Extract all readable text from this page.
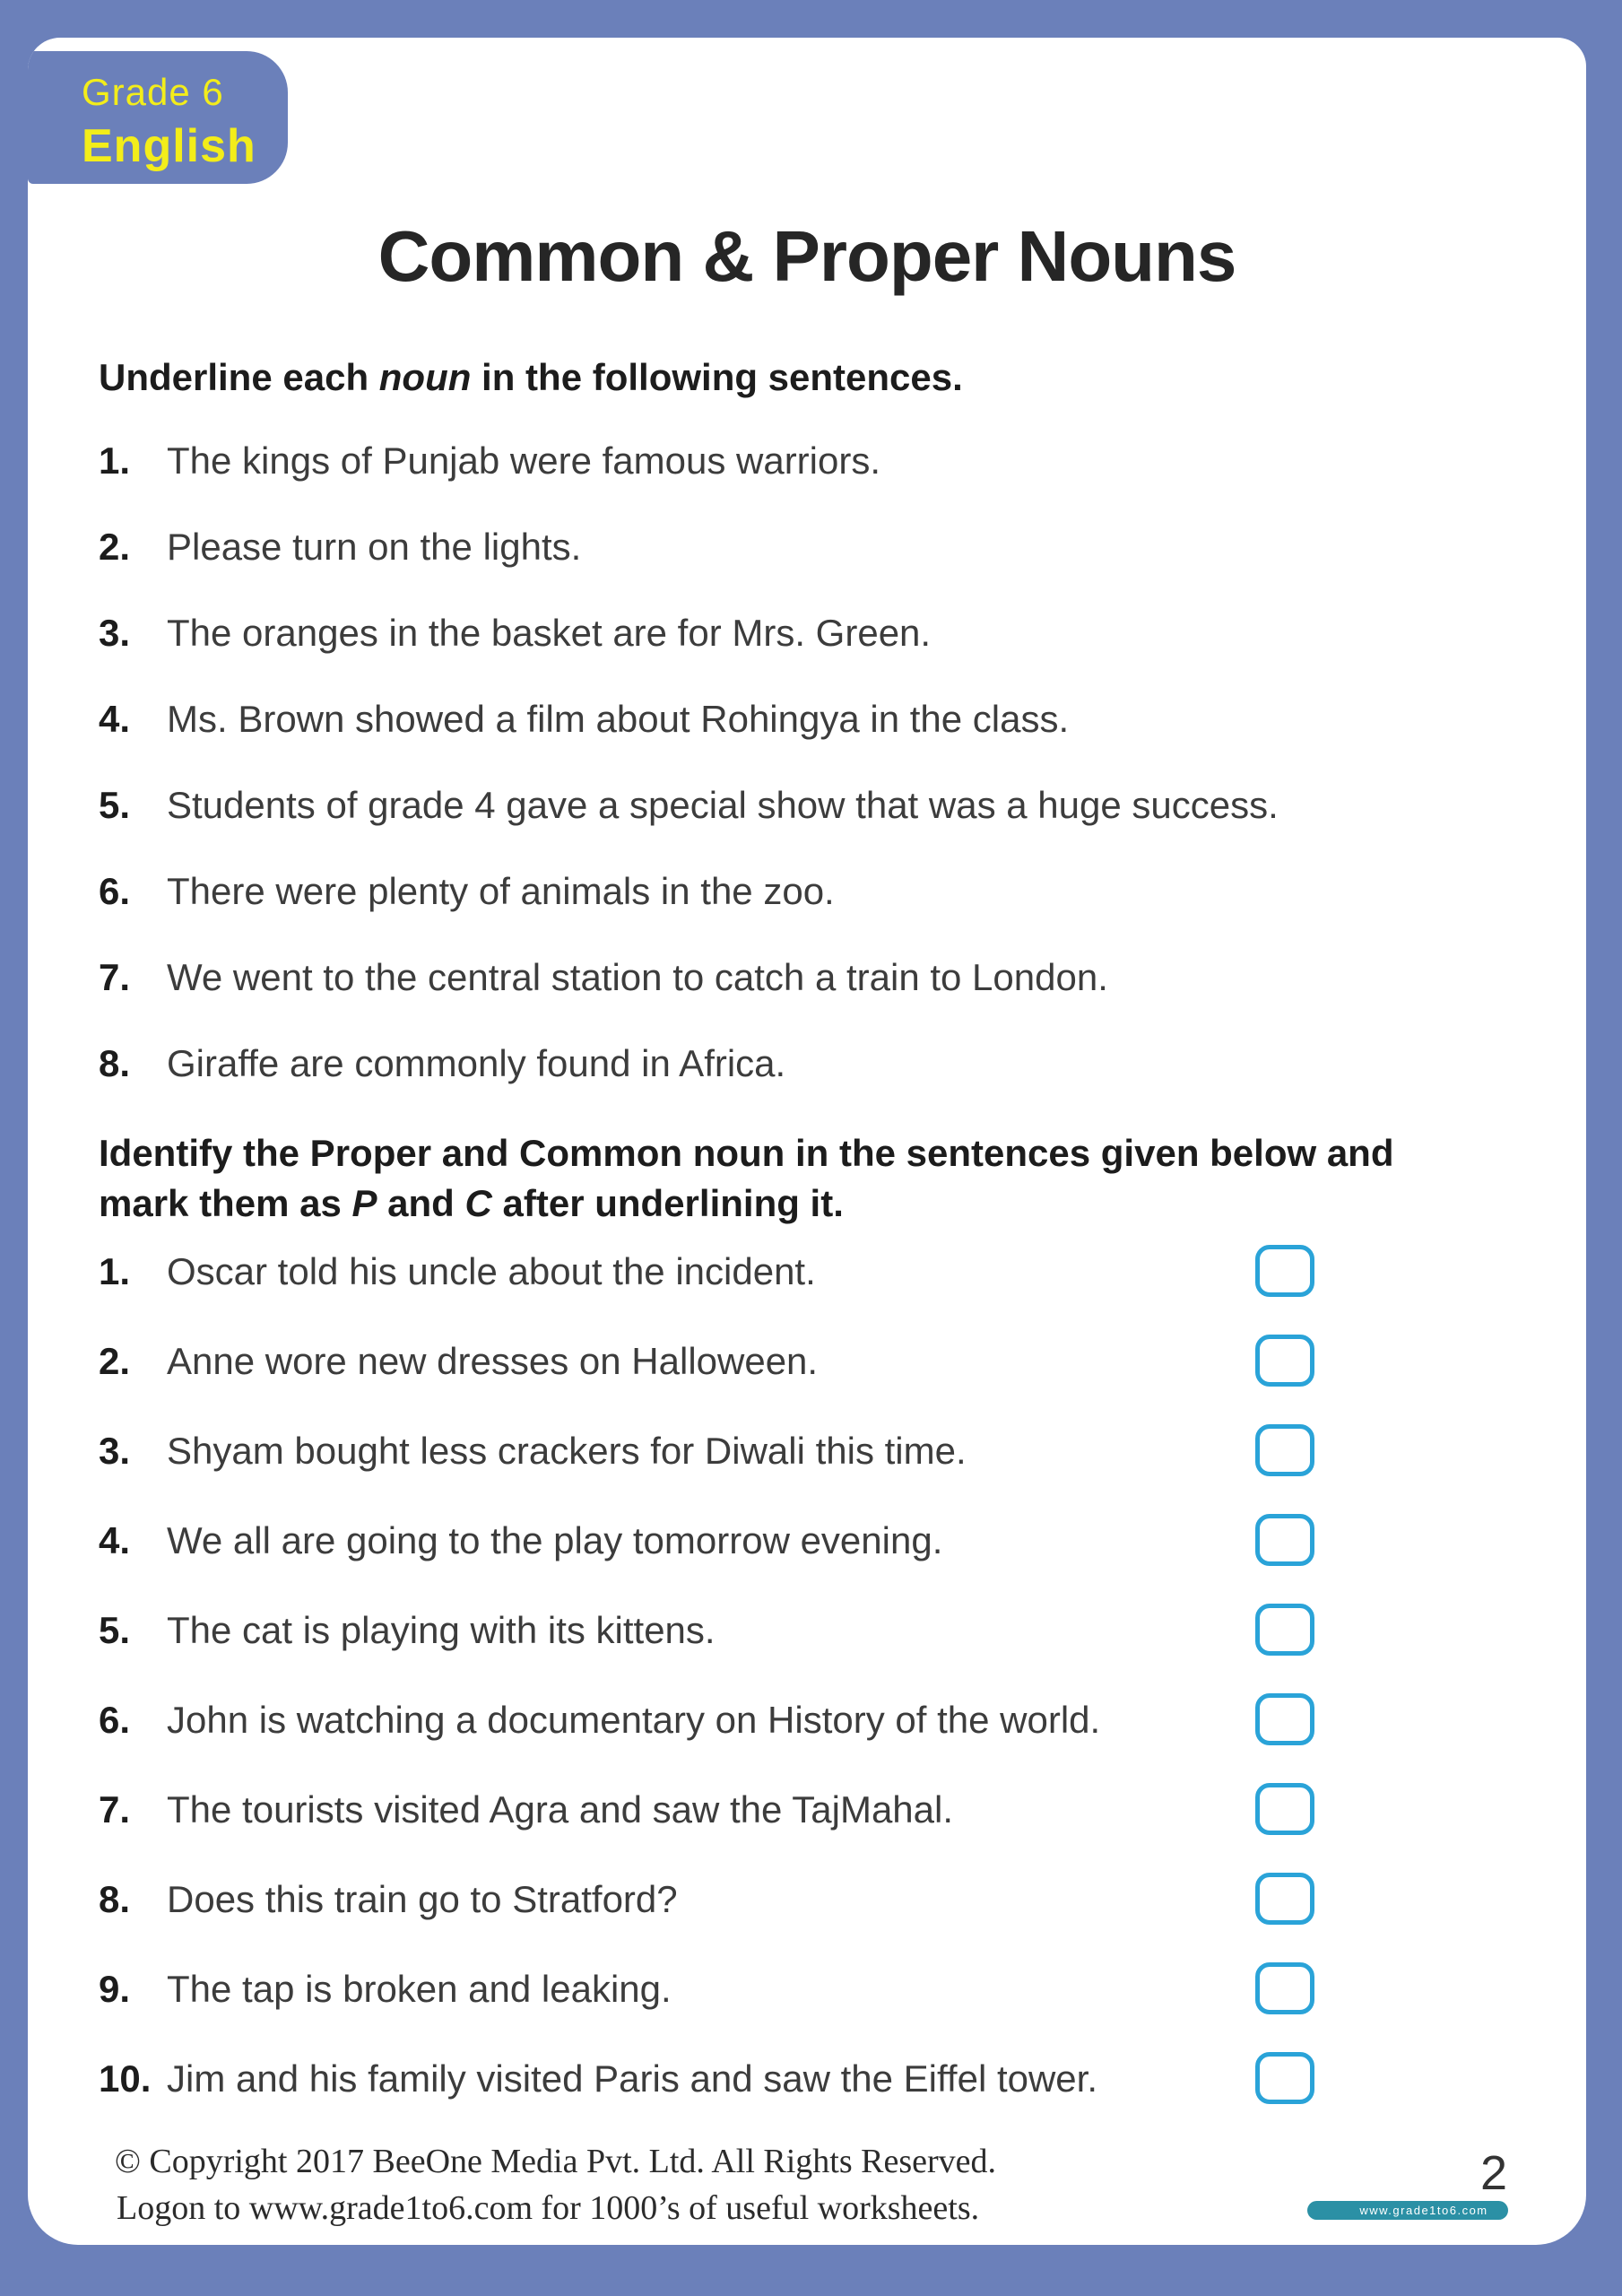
Grade 6
English
Common & Proper Nouns

Underline each noun in the following sentences.

1. The kings of Punjab were famous warriors.
2. Please turn on the lights.
3. The oranges in the basket are for Mrs. Green.
4. Ms. Brown showed a film about Rohingya in the class.
5. Students of grade 4 gave a special show that was a huge success.
6. There were plenty of animals in the zoo.
7. We went to the central station to catch a train to London.
8. Giraffe are commonly found in Africa.

Identify the Proper and Common noun in the sentences given below and
mark them as P and C after underlining it.

1. Oscar told his uncle about the incident.
2. Anne wore new dresses on Halloween.
3. Shyam bought less crackers for Diwali this time.
4. We all are going to the play tomorrow evening.
5. The cat is playing with its kittens.
6. John is watching a documentary on History of the world.
7. The tourists visited Agra and saw the TajMahal.
8. Does this train go to Stratford?
9. The tap is broken and leaking.
10. Jim and his family visited Paris and saw the Eiffel tower.
© Copyright 2017 BeeOne Media Pvt. Ltd. All Rights Reserved.
Logon to www.grade1to6.com for 1000’s of useful worksheets.
2
www.grade1to6.com
